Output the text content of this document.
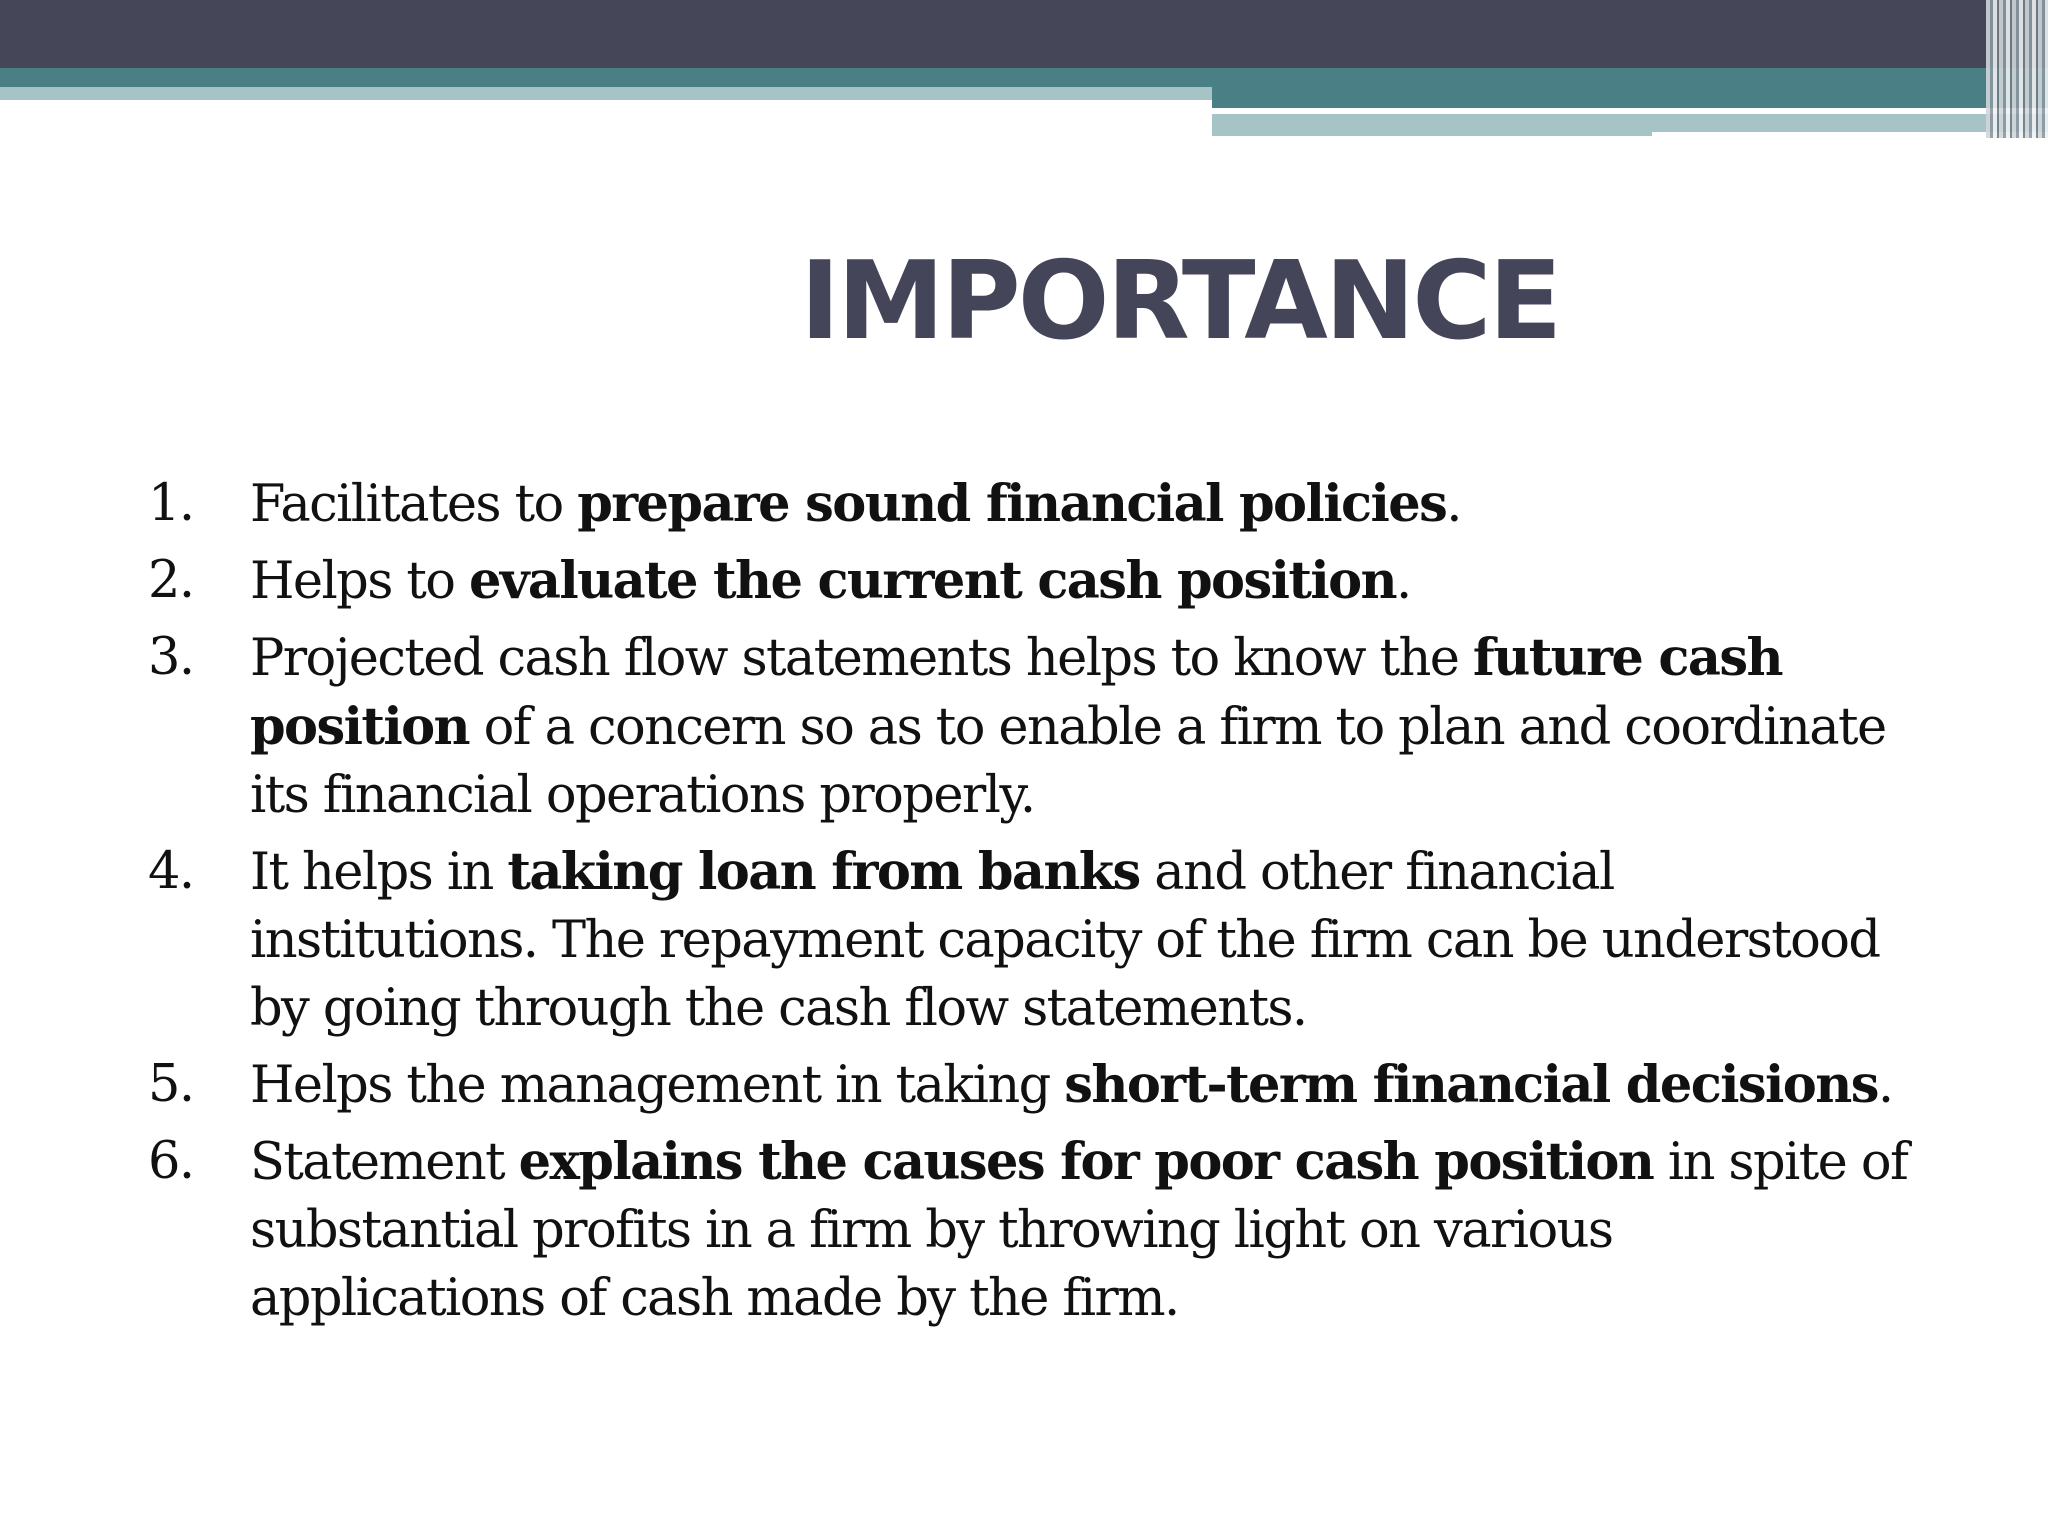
IMPORTANCE
1. Facilitates to prepare sound financial policies.
2. Helps to evaluate the current cash position.
3. Projected cash flow statements helps to know the future cash position of a concern so as to enable a firm to plan and coordinate its financial operations properly.
4. It helps in taking loan from banks and other financial institutions. The repayment capacity of the firm can be understood by going through the cash flow statements.
5. Helps the management in taking short-term financial decisions.
6. Statement explains the causes for poor cash position in spite of substantial profits in a firm by throwing light on various applications of cash made by the firm.
